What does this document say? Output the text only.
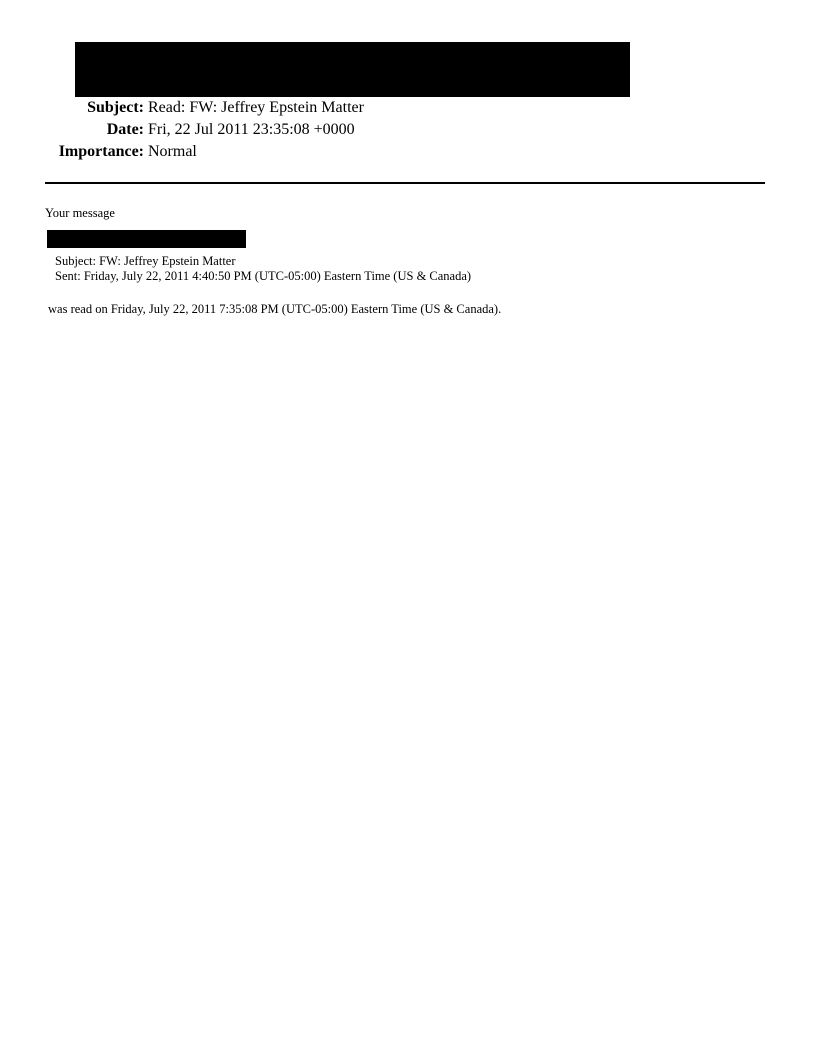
Subject: Read: FW: Jeffrey Epstein Matter
Date: Fri, 22 Jul 2011 23:35:08 +0000
Importance: Normal
Your message
Subject: FW: Jeffrey Epstein Matter
Sent: Friday, July 22, 2011 4:40:50 PM (UTC-05:00) Eastern Time (US & Canada)
was read on Friday, July 22, 2011 7:35:08 PM (UTC-05:00) Eastern Time (US & Canada).
